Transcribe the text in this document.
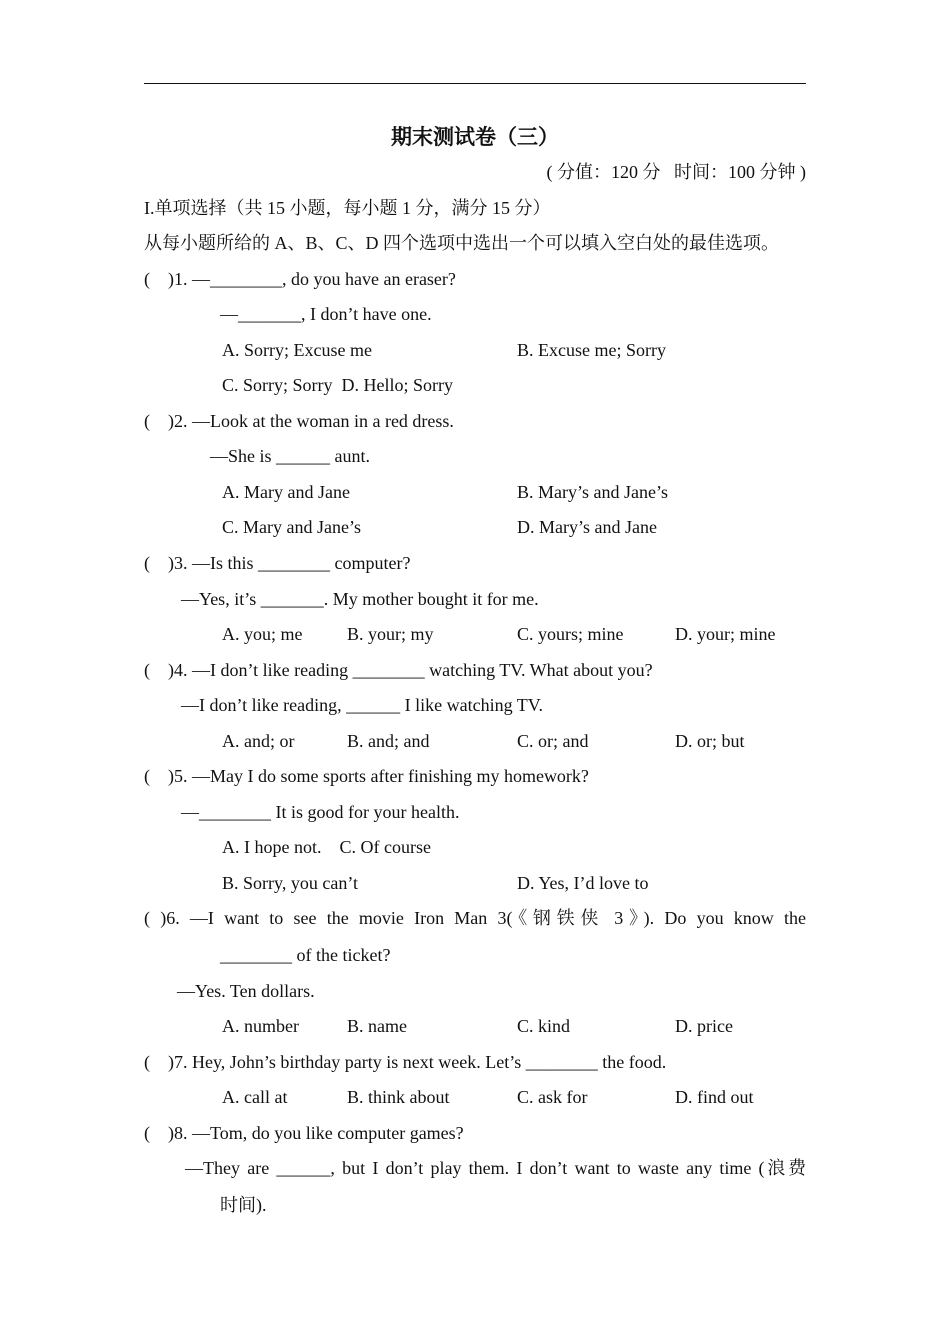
期末测试卷（三）
( 分值：120 分   时间：100 分钟 )
I.单项选择（共 15 小题，每小题 1 分，满分 15 分）
从每小题所给的 A、B、C、D 四个选项中选出一个可以填入空白处的最佳选项。
(    )1. —________, do you have an eraser?
—_______, I don’t have one.
A. Sorry; Excuse me	B. Excuse me; Sorry
C. Sorry; Sorry  D. Hello; Sorry
(    )2. —Look at the woman in a red dress.
—She is ______ aunt.
A. Mary and Jane	B. Mary’s and Jane’s
C. Mary and Jane’s	D. Mary’s and Jane
(    )3. —Is this ________ computer?
—Yes, it’s _______. My mother bought it for me.
A. you; me B. your; my	C. yours; mine	D. your; mine
(    )4. —I don’t like reading ________ watching TV. What about you?
—I don’t like reading, ______ I like watching TV.
A. and; or	B. and; and	C. or; and	D. or; but
(    )5. —May I do some sports after finishing my homework?
—________ It is good for your health.
A. I hope not.    C. Of course
B. Sorry, you can’t	D. Yes, I’d love to
( )6. —I want to see the movie Iron Man 3(《钢铁侠 3》). Do you know the
________ of the ticket?
—Yes. Ten dollars.
A. number	B. name	C. kind	D. price
(    )7. Hey, John’s birthday party is next week. Let’s ________ the food.
A. call at	B. think about	C. ask for	D. find out
(    )8. —Tom, do you like computer games?
—They are ______, but I don’t play them. I don’t want to waste any time (浪费
时间).
